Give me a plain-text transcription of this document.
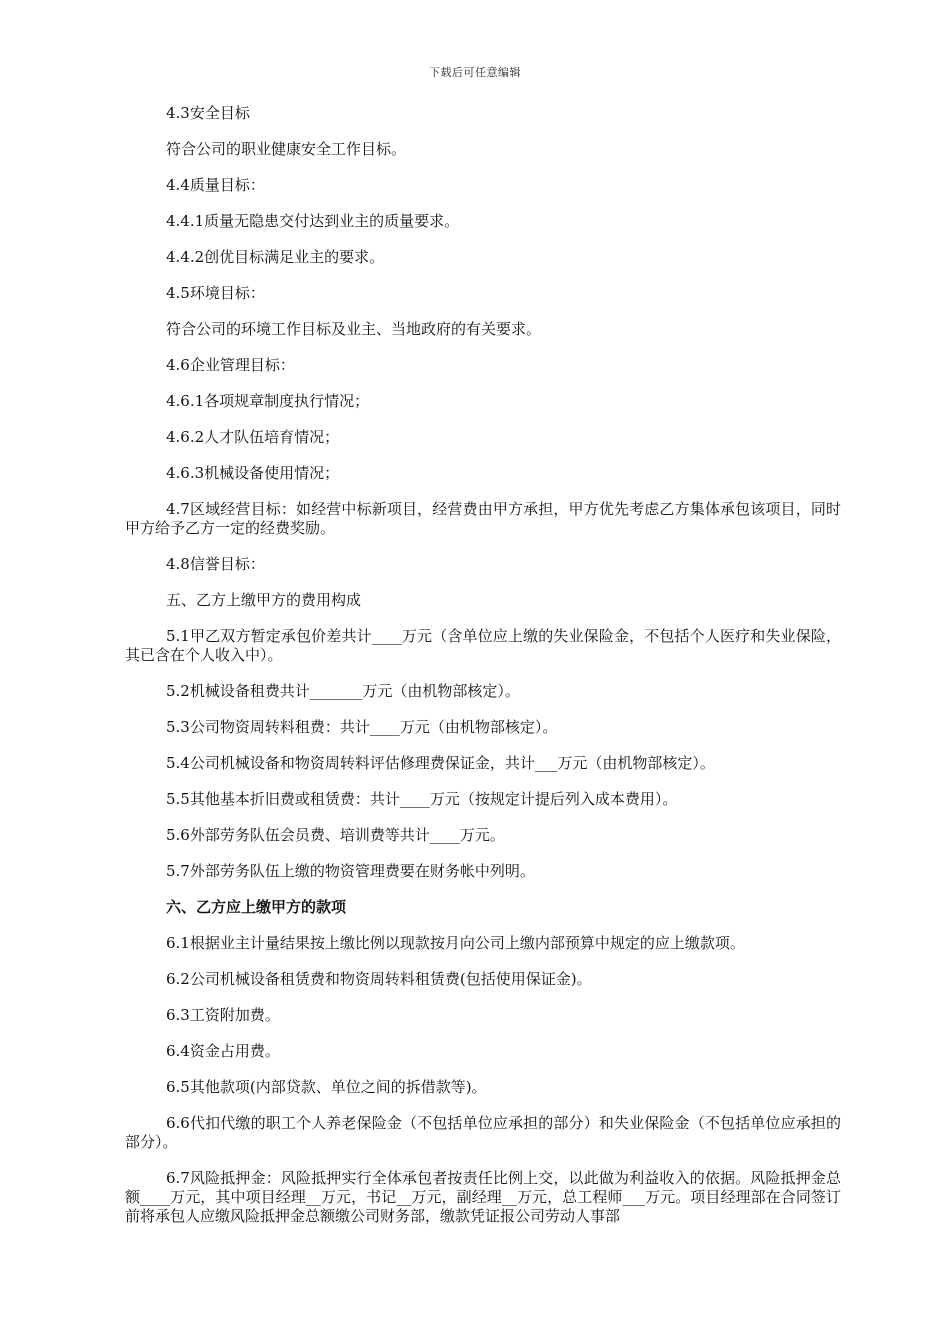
下载后可任意编辑

4.3安全目标

符合公司的职业健康安全工作目标。

4.4质量目标：

4.4.1质量无隐患交付达到业主的质量要求。

4.4.2创优目标满足业主的要求。

4.5环境目标：

符合公司的环境工作目标及业主、当地政府的有关要求。

4.6企业管理目标：

4.6.1各项规章制度执行情况；

4.6.2人才队伍培育情况；

4.6.3机械设备使用情况；

4.7区域经营目标：如经营中标新项目，经营费由甲方承担，甲方优先考虑乙方集体承包该项目，同时甲方给予乙方一定的经费奖励。

4.8信誉目标：

五、乙方上缴甲方的费用构成

5.1甲乙双方暂定承包价差共计____万元（含单位应上缴的失业保险金，不包括个人医疗和失业保险，其已含在个人收入中）。

5.2机械设备租费共计_______万元（由机物部核定）。

5.3公司物资周转料租费：共计____万元（由机物部核定）。

5.4公司机械设备和物资周转料评估修理费保证金，共计___万元（由机物部核定）。

5.5其他基本折旧费或租赁费：共计____万元（按规定计提后列入成本费用）。

5.6外部劳务队伍会员费、培训费等共计____万元。

5.7外部劳务队伍上缴的物资管理费要在财务帐中列明。

六、乙方应上缴甲方的款项

6.1根据业主计量结果按上缴比例以现款按月向公司上缴内部预算中规定的应上缴款项。

6.2公司机械设备租赁费和物资周转料租赁费(包括使用保证金)。

6.3工资附加费。

6.4资金占用费。

6.5其他款项(内部贷款、单位之间的拆借款等)。

6.6代扣代缴的职工个人养老保险金（不包括单位应承担的部分）和失业保险金（不包括单位应承担的部分）。

6.7风险抵押金：风险抵押实行全体承包者按责任比例上交，以此做为利益收入的依据。风险抵押金总额____万元，其中项目经理__万元，书记__万元，副经理__万元，总工程师___万元。项目经理部在合同签订前将承包人应缴风险抵押金总额缴公司财务部，缴款凭证报公司劳动人事部
